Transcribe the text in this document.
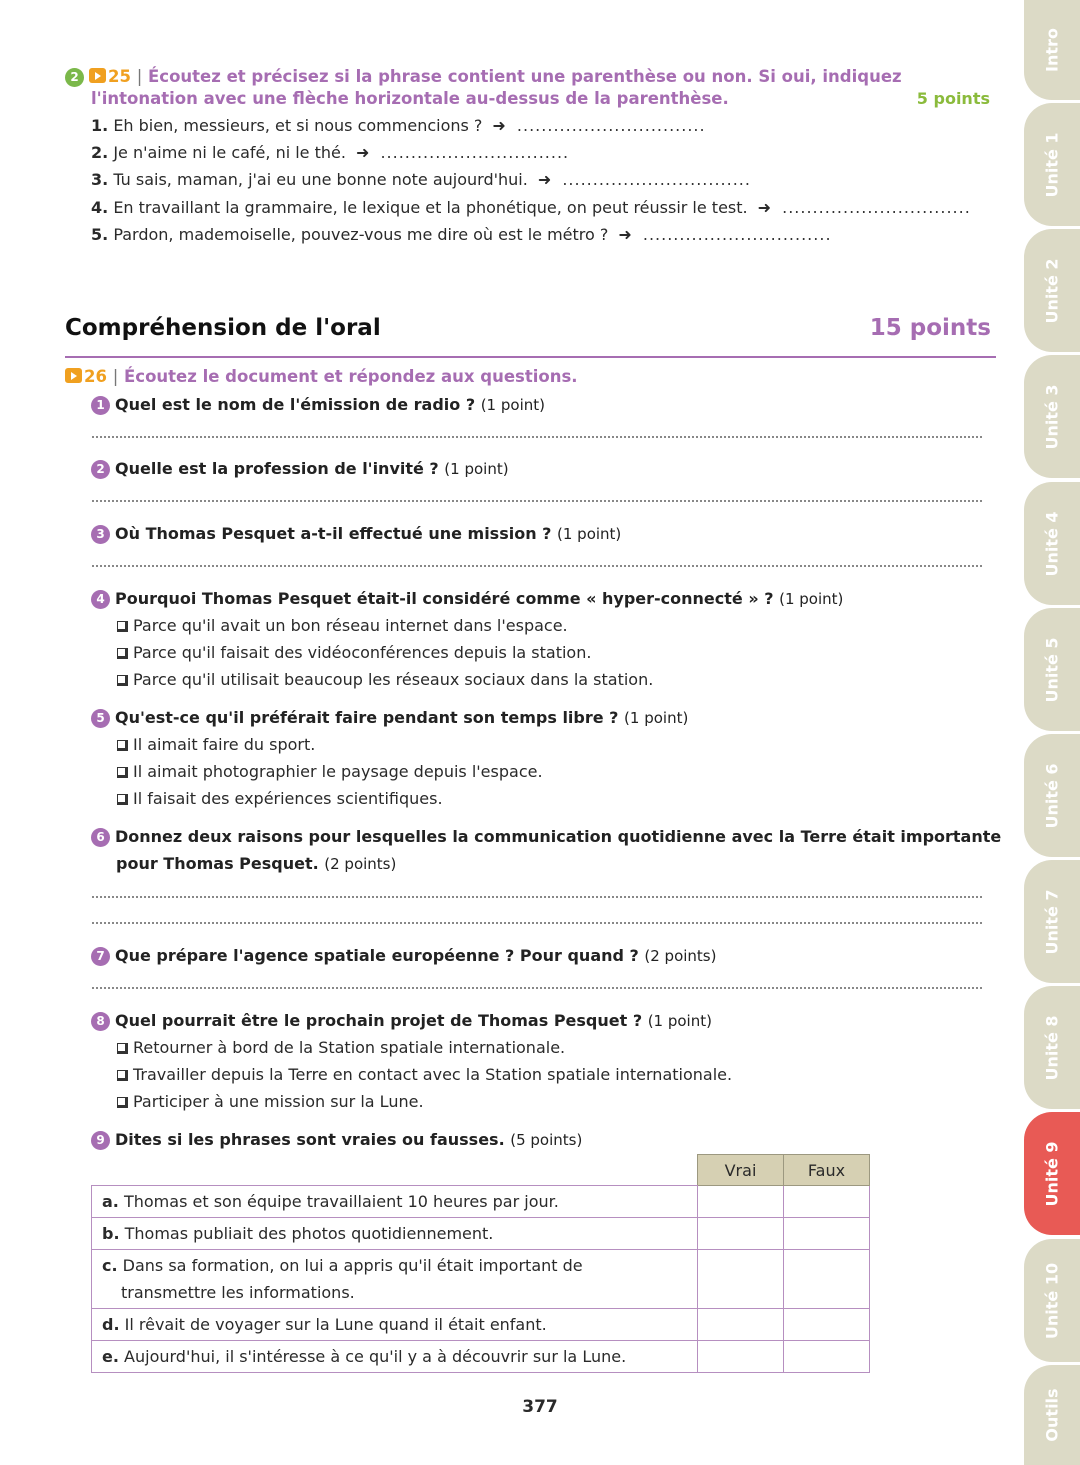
2 25 | Écoutez et précisez si la phrase contient une parenthèse ou non. Si oui, indiquez
l'intonation avec une flèche horizontale au-dessus de la parenthèse.	5 points
Compréhension de l'oral	15 points
26 | Écoutez le document et répondez aux questions.
	Vrai	Faux
a. Thomas et son équipe travaillaient 10 heures par jour.		
b. Thomas publiait des photos quotidiennement.		
c. Dans sa formation, on lui a appris qu'il était important de
transmettre les informations.		
d. Il rêvait de voyager sur la Lune quand il était enfant.		
e. Aujourd'hui, il s'intéresse à ce qu'il y a à découvrir sur la Lune.		
377
Intro
Unité 1
Unité 2
Unité 3
Unité 4
Unité 5
Unité 6
Unité 7
Unité 8
Unité 9
Unité 10
Outils
1. Eh bien, messieurs, et si nous commencions ? ➜ ...............................
2. Je n'aime ni le café, ni le thé. ➜ ...............................
3. Tu sais, maman, j'ai eu une bonne note aujourd'hui. ➜ ...............................
4. En travaillant la grammaire, le lexique et la phonétique, on peut réussir le test. ➜ ...............................
5. Pardon, mademoiselle, pouvez-vous me dire où est le métro ? ➜ ...............................
1 Quel est le nom de l'émission de radio ? (1 point)
2 Quelle est la profession de l'invité ? (1 point)
3 Où Thomas Pesquet a-t-il effectué une mission ? (1 point)
4 Pourquoi Thomas Pesquet était-il considéré comme « hyper-connecté » ? (1 point)
Parce qu'il avait un bon réseau internet dans l'espace.
Parce qu'il faisait des vidéoconférences depuis la station.
Parce qu'il utilisait beaucoup les réseaux sociaux dans la station.
5 Qu'est-ce qu'il préférait faire pendant son temps libre ? (1 point)
Il aimait faire du sport.
Il aimait photographier le paysage depuis l'espace.
Il faisait des expériences scientifiques.
6 Donnez deux raisons pour lesquelles la communication quotidienne avec la Terre était importante
pour Thomas Pesquet. (2 points)
7 Que prépare l'agence spatiale européenne ? Pour quand ? (2 points)
8 Quel pourrait être le prochain projet de Thomas Pesquet ? (1 point)
Retourner à bord de la Station spatiale internationale.
Travailler depuis la Terre en contact avec la Station spatiale internationale.
Participer à une mission sur la Lune.
9 Dites si les phrases sont vraies ou fausses. (5 points)
